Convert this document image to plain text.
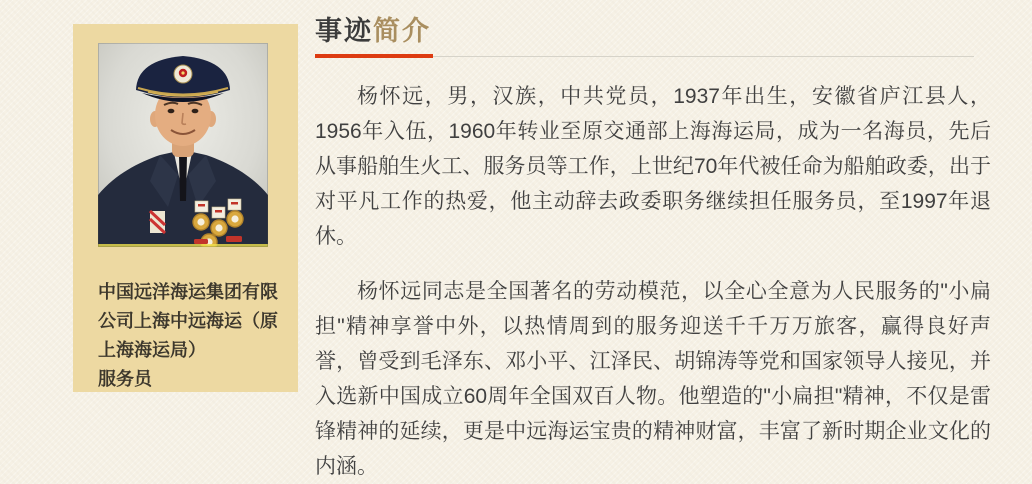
中国远洋海运集团有限公司上海中远海运（原上海海运局）
服务员
事迹简介

杨怀远，男，汉族，中共党员，1937年出生，安徽省庐江县人，1956年入伍，1960年转业至原交通部上海海运局，成为一名海员，先后从事船舶生火工、服务员等工作，上世纪70年代被任命为船舶政委，出于对平凡工作的热爱，他主动辞去政委职务继续担任服务员，至1997年退休。

杨怀远同志是全国著名的劳动模范，以全心全意为人民服务的"小扁担"精神享誉中外，以热情周到的服务迎送千千万万旅客，赢得良好声誉，曾受到毛泽东、邓小平、江泽民、胡锦涛等党和国家领导人接见，并入选新中国成立60周年全国双百人物。他塑造的"小扁担"精神，不仅是雷锋精神的延续，更是中远海运宝贵的精神财富，丰富了新时期企业文化的内涵。
